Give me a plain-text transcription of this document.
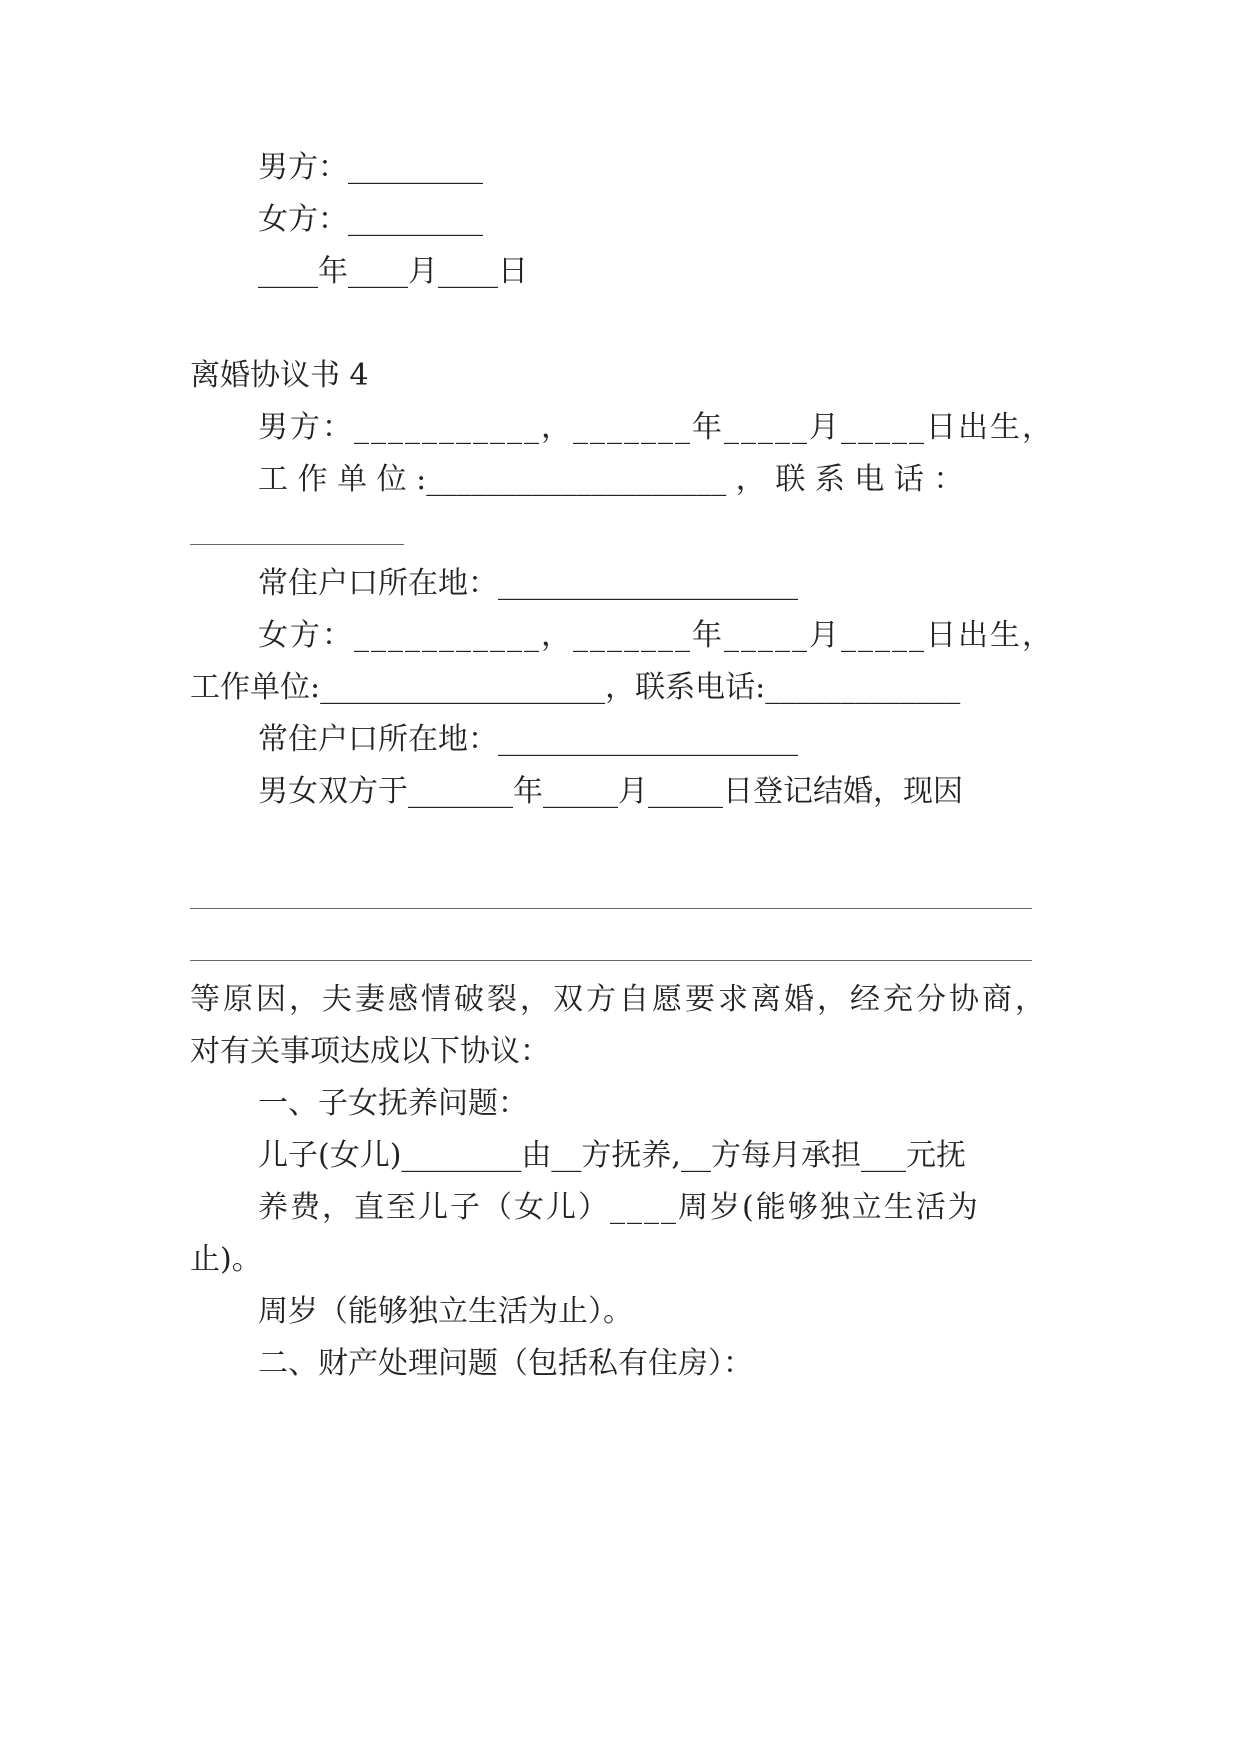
男方：_________

女方：_________

____年____月____日

离婚协议书 4

男方：___________，_______年_____月_____日出生，

工 作 单 位 :____________________ ， 联 系 电 话 ：

常住户口所在地：____________________

女方：___________，_______年_____月_____日出生，

工作单位:___________________，联系电话:_____________

常住户口所在地：____________________

男女双方于_______年_____月_____日登记结婚，现因

等原因，夫妻感情破裂，双方自愿要求离婚，经充分协商，

对有关事项达成以下协议：

一、子女抚养问题：

儿子(女儿)________由__方抚养,__方每月承担___元抚

养费，直至儿子（女儿）____周岁(能够独立生活为

止)。

周岁（能够独立生活为止）。

二、财产处理问题（包括私有住房）：
